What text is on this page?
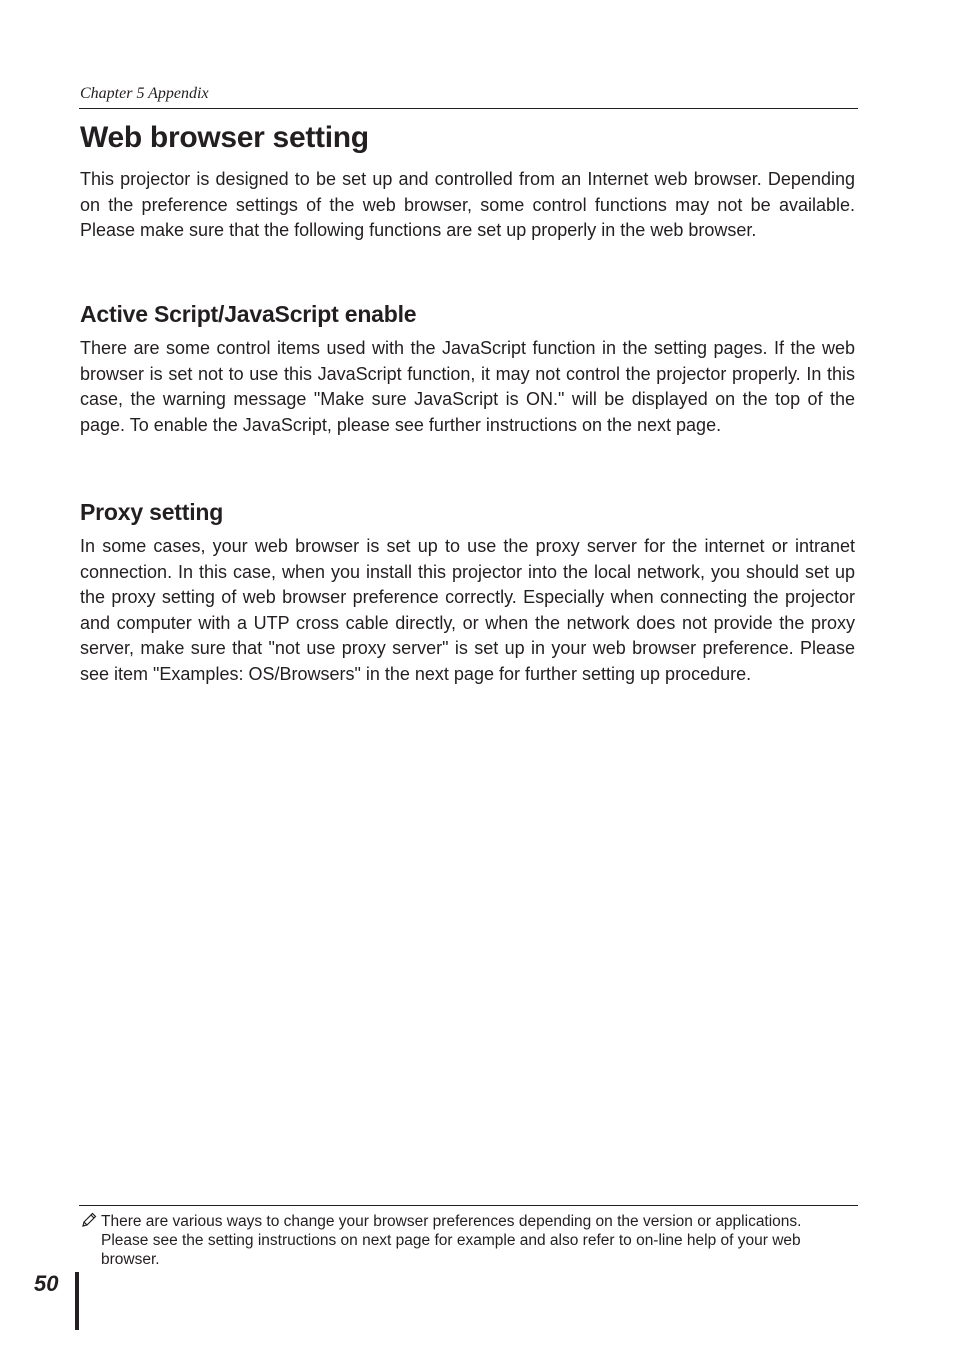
Chapter 5 Appendix

Web browser setting

This projector is designed to be set up and controlled from an Internet web browser. Depending on the preference settings of the web browser, some control functions may not be available. Please make sure that the following functions are set up properly in the web browser.

Active Script/JavaScript enable

There are some control items used with the JavaScript function in the setting pages. If the web browser is set not to use this JavaScript function, it may not control the projector properly. In this case, the warning message "Make sure JavaScript is ON." will be displayed on the top of the page. To enable the JavaScript, please see further instructions on the next page.

Proxy setting

In some cases, your web browser is set up to use the proxy server for the internet or intranet connection. In this case, when you install this projector into the local network, you should set up the proxy setting of web browser preference correctly. Especially when connecting the projector and computer with a UTP cross cable directly, or when the network does not provide the proxy server, make sure that "not use proxy server" is set up in your web browser preference. Please see item "Examples: OS/Browsers" in the next page for further setting up procedure.

There are various ways to change your browser preferences depending on the version or applications. Please see the setting instructions on next page for example and also refer to on-line help of your web browser.

50
